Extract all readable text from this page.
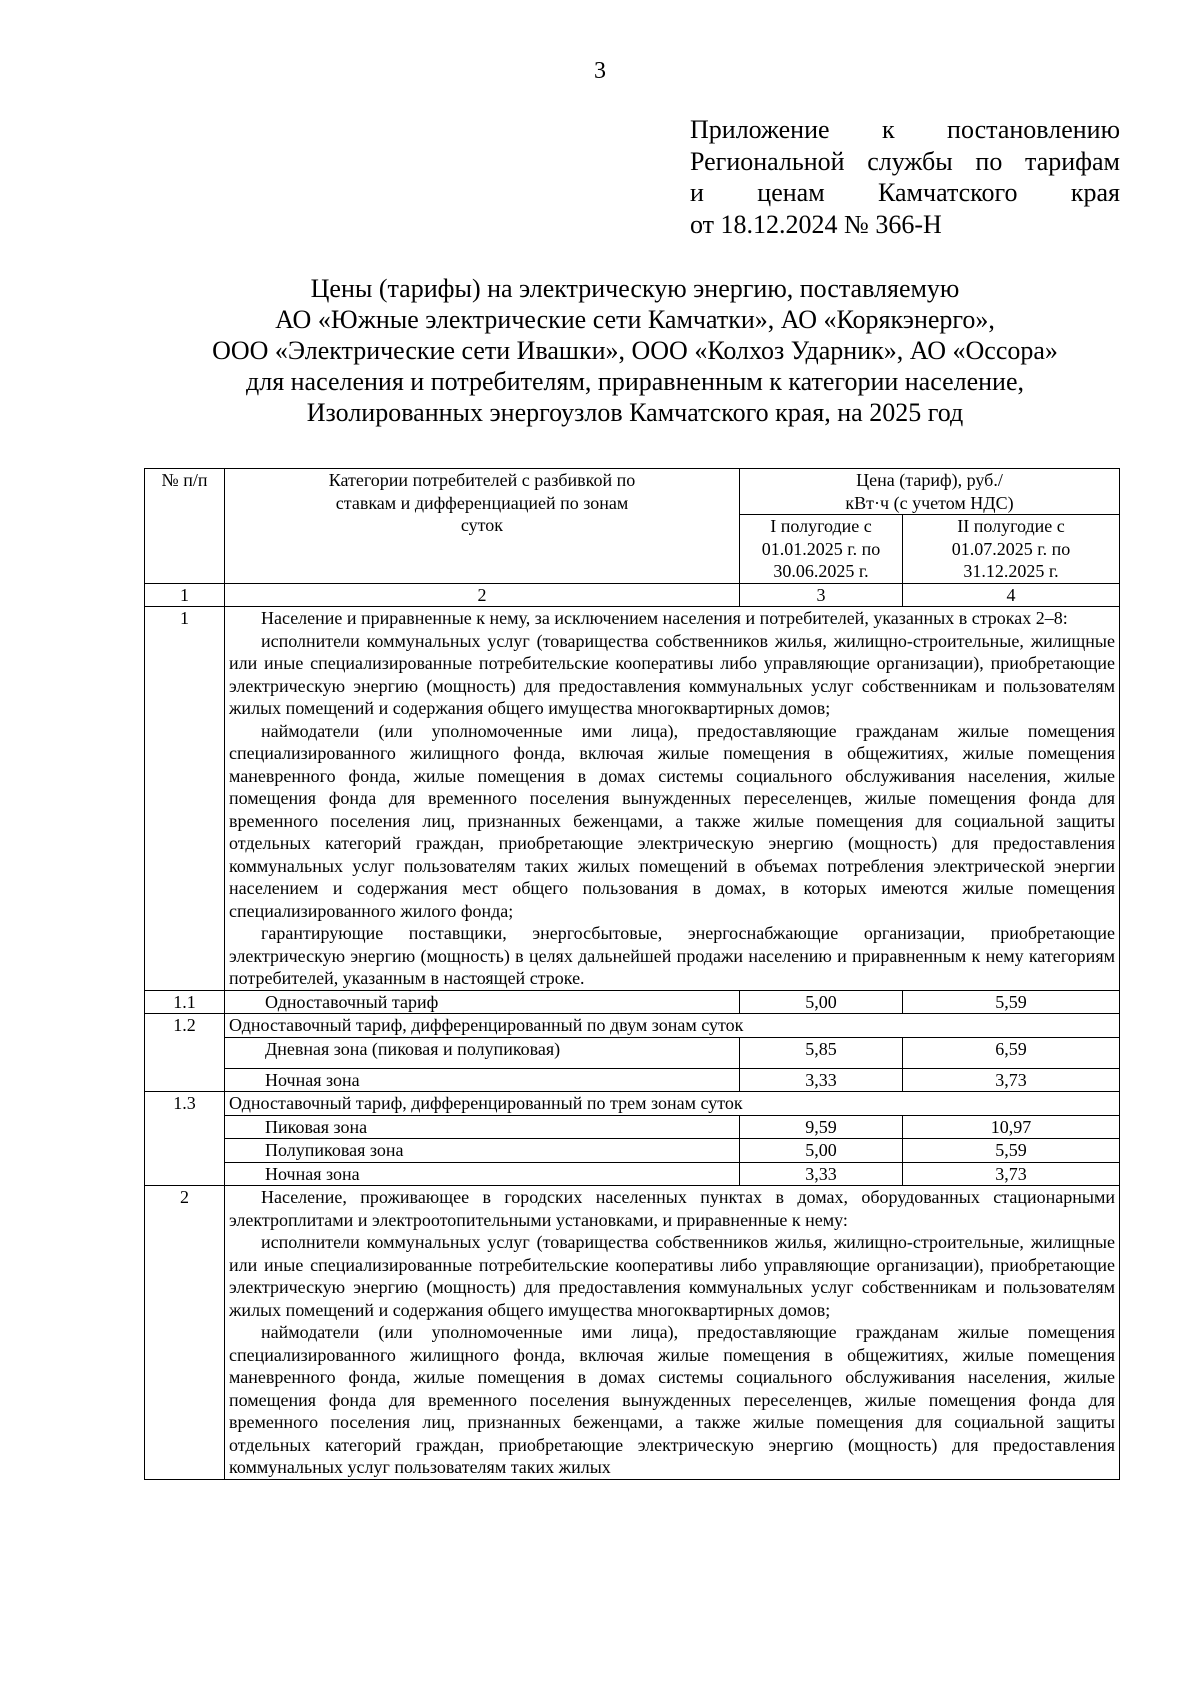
3
Приложение к постановлению
Региональной службы по тарифам
и ценам Камчатского края
от 18.12.2024 № 366-Н
Цены (тарифы) на электрическую энергию, поставляемую
АО «Южные электрические сети Камчатки», АО «Корякэнерго»,
ООО «Электрические сети Ивашки», ООО «Колхоз Ударник», АО «Оссора»
для населения и потребителям, приравненным к категории население,
Изолированных энергоузлов Камчатского края, на 2025 год
№ п/п	Категории потребителей с разбивкой по ставкам и дифференциацией по зонам суток	Цена (тариф), руб./кВт·ч (с учетом НДС)	
		I полугодие с 01.01.2025 г. по 30.06.2025 г.	II полугодие с 01.07.2025 г. по 31.12.2025 г.
1	2	3	4
1	Население и приравненные к нему, за исключением населения и потребителей, указанных в строках 2–8:

исполнители коммунальных услуг (товарищества собственников жилья, жилищно-строительные, жилищные или иные специализированные потребительские кооперативы либо управляющие организации), приобретающие электрическую энергию (мощность) для предоставления коммунальных услуг собственникам и пользователям жилых помещений и содержания общего имущества многоквартирных домов;

наймодатели (или уполномоченные ими лица), предоставляющие гражданам жилые помещения специализированного жилищного фонда, включая жилые помещения в общежитиях, жилые помещения маневренного фонда, жилые помещения в домах системы социального обслуживания населения, жилые помещения фонда для временного поселения вынужденных переселенцев, жилые помещения фонда для временного поселения лиц, признанных беженцами, а также жилые помещения для социальной защиты отдельных категорий граждан, приобретающие электрическую энергию (мощность) для предоставления коммунальных услуг пользователям таких жилых помещений в объемах потребления электрической энергии населением и содержания мест общего пользования в домах, в которых имеются жилые помещения специализированного жилого фонда;

гарантирующие поставщики, энергосбытовые, энергоснабжающие организации, приобретающие электрическую энергию (мощность) в целях дальнейшей продажи населению и приравненным к нему категориям потребителей, указанным в настоящей строке.		

1.1	Одноставочный тариф	5,00	5,59
1.2	Одноставочный тариф, дифференцированный по двум зонам суток		
	Дневная зона (пиковая и полупиковая)	5,85	6,59
	Ночная зона	3,33	3,73
1.3	Одноставочный тариф, дифференцированный по трем зонам суток		
	Пиковая зона	9,59	10,97
	Полупиковая зона	5,00	5,59
	Ночная зона	3,33	3,73
2	Население, проживающее в городских населенных пунктах в домах, оборудованных стационарными электроплитами и электроотопительными установками, и приравненные к нему:

исполнители коммунальных услуг (товарищества собственников жилья, жилищно-строительные, жилищные или иные специализированные потребительские кооперативы либо управляющие организации), приобретающие электрическую энергию (мощность) для предоставления коммунальных услуг собственникам и пользователям жилых помещений и содержания общего имущества многоквартирных домов;

наймодатели (или уполномоченные ими лица), предоставляющие гражданам жилые помещения специализированного жилищного фонда, включая жилые помещения в общежитиях, жилые помещения маневренного фонда, жилые помещения в домах системы социального обслуживания населения, жилые помещения фонда для временного поселения вынужденных переселенцев, жилые помещения фонда для временного поселения лиц, признанных беженцами, а также жилые помещения для социальной защиты отдельных категорий граждан, приобретающие электрическую энергию (мощность) для предоставления коммунальных услуг пользователям таких жилых		
